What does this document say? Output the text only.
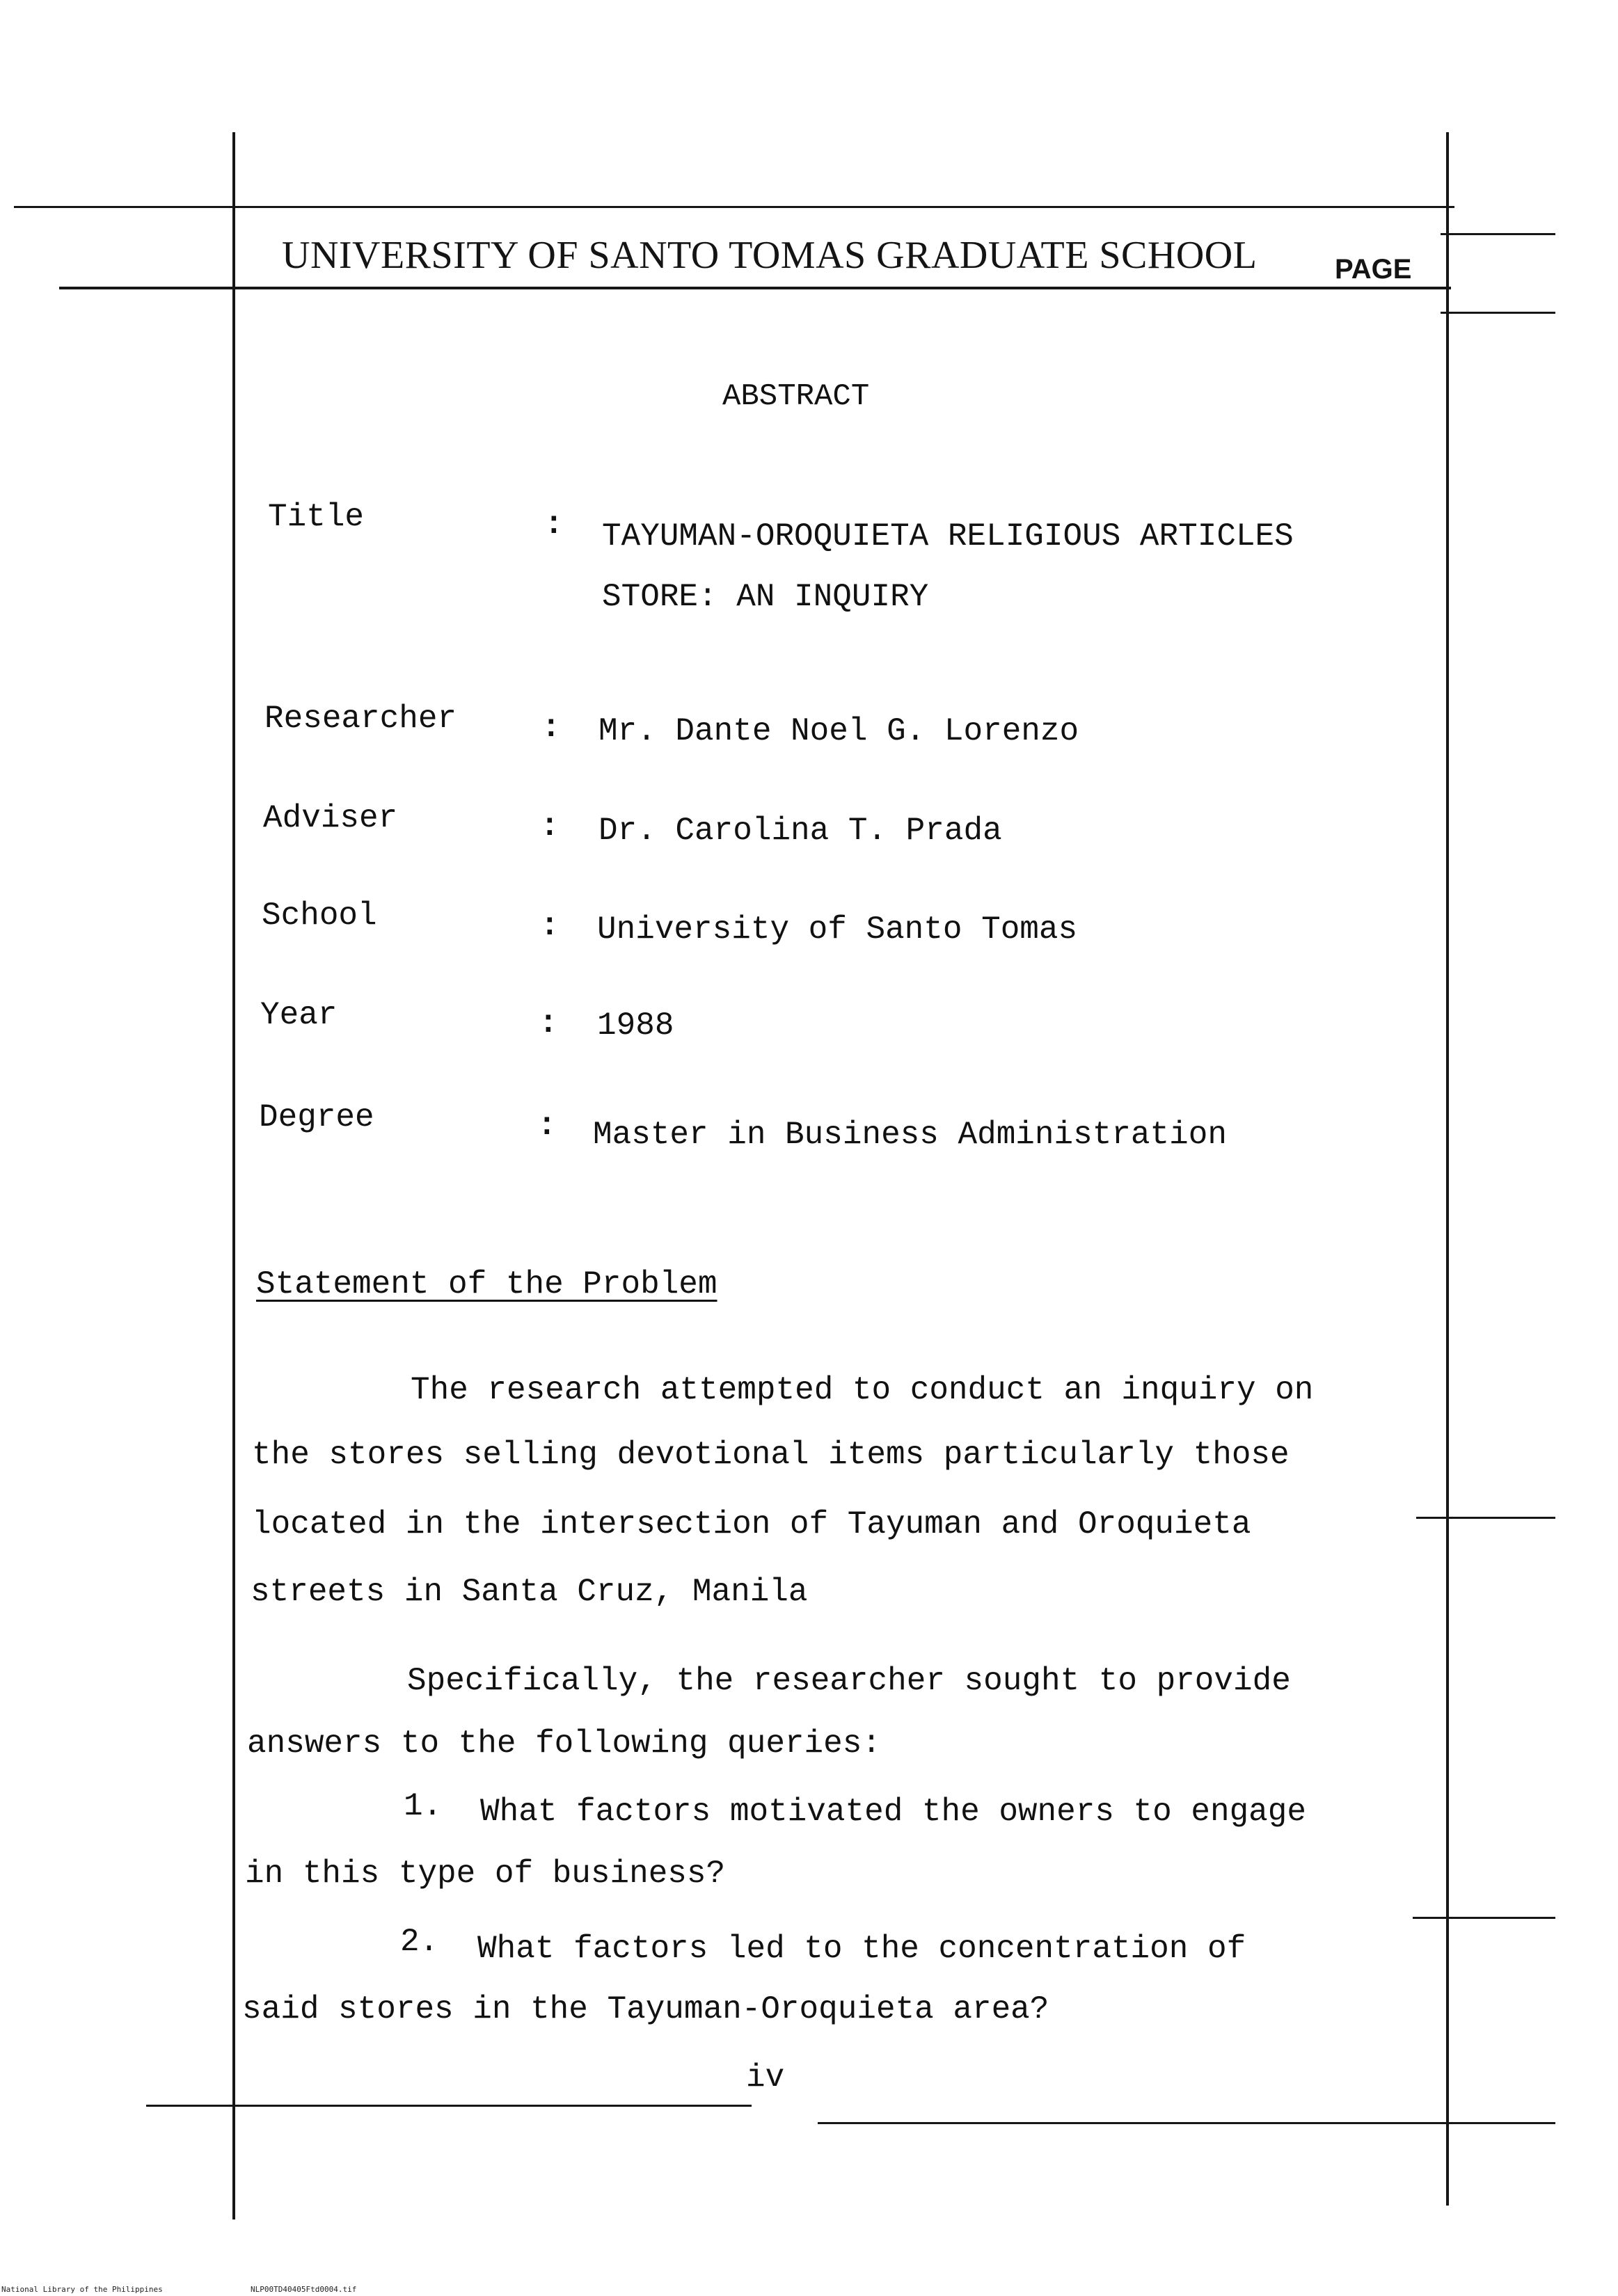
UNIVERSITY OF SANTO TOMAS GRADUATE SCHOOL	PAGE
ABSTRACT
Title	: TAYUMAN-OROQUIETA RELIGIOUS ARTICLES
STORE: AN INQUIRY
Researcher	: Mr. Dante Noel G. Lorenzo
Adviser	: Dr. Carolina T. Prada
School	: University of Santo Tomas
Year	: 1988
Degree	: Master in Business Administration
Statement of the Problem
The research attempted to conduct an inquiry on
the stores selling devotional items particularly those
located in the intersection of Tayuman and Oroquieta
streets in Santa Cruz, Manila
Specifically, the researcher sought to provide
answers to the following queries:
1. What factors motivated the owners to engage
in this type of business?
2. What factors led to the concentration of
said stores in the Tayuman-Oroquieta area?
iv
National Library of the Philippines	NLP00TD40405Ftd0004.tif
